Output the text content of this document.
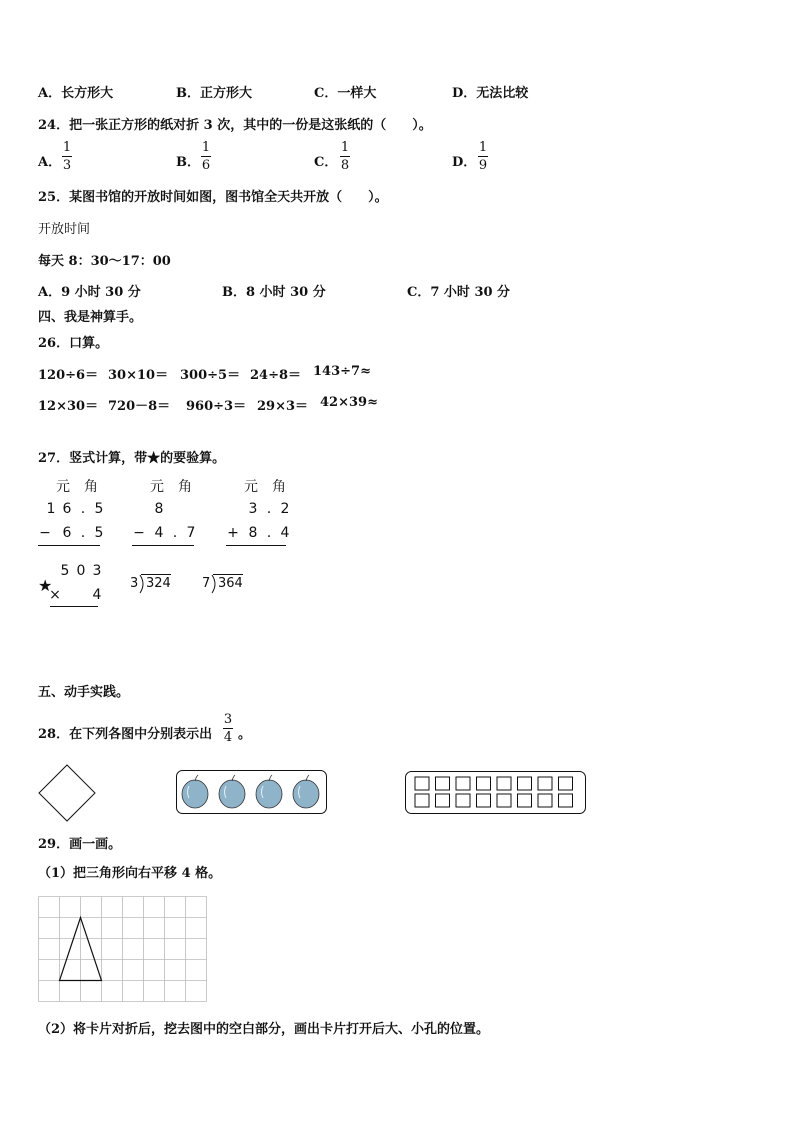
A．长方形大	B．正方形大	C．一样大	D．无法比较
24．把一张正方形的纸对折 3 次，其中的一份是这张纸的（　　）。
A．
1
3	B．
1
6	C．
1
8	D．
1
9
25．某图书馆的开放时间如图，图书馆全天共开放（　　）。
开放时间
每天 8：30～17：00
A．9 小时 30 分	B．8 小时 30 分	C．7 小时 30 分
四、我是神算手。
26．口算。
120÷6＝ 30×10＝ 300÷5＝ 24÷8＝ 143÷7≈
12×30＝ 720－8＝ 960÷3＝ 29×3＝ 42×39≈
27．竖式计算，带★的要验算。
元 角
1 6 . 5
− 6 . 5
元 角
8
− 4 . 7
元 角
3 . 2
+ 8 . 4
★
5 0 3
× 4
3 324 7 364
五、动手实践。
28．在下列各图中分别表示出
3
4 。
29．画一画。
（1）把三角形向右平移 4 格。
（2）将卡片对折后，挖去图中的空白部分，画出卡片打开后大、小孔的位置。
